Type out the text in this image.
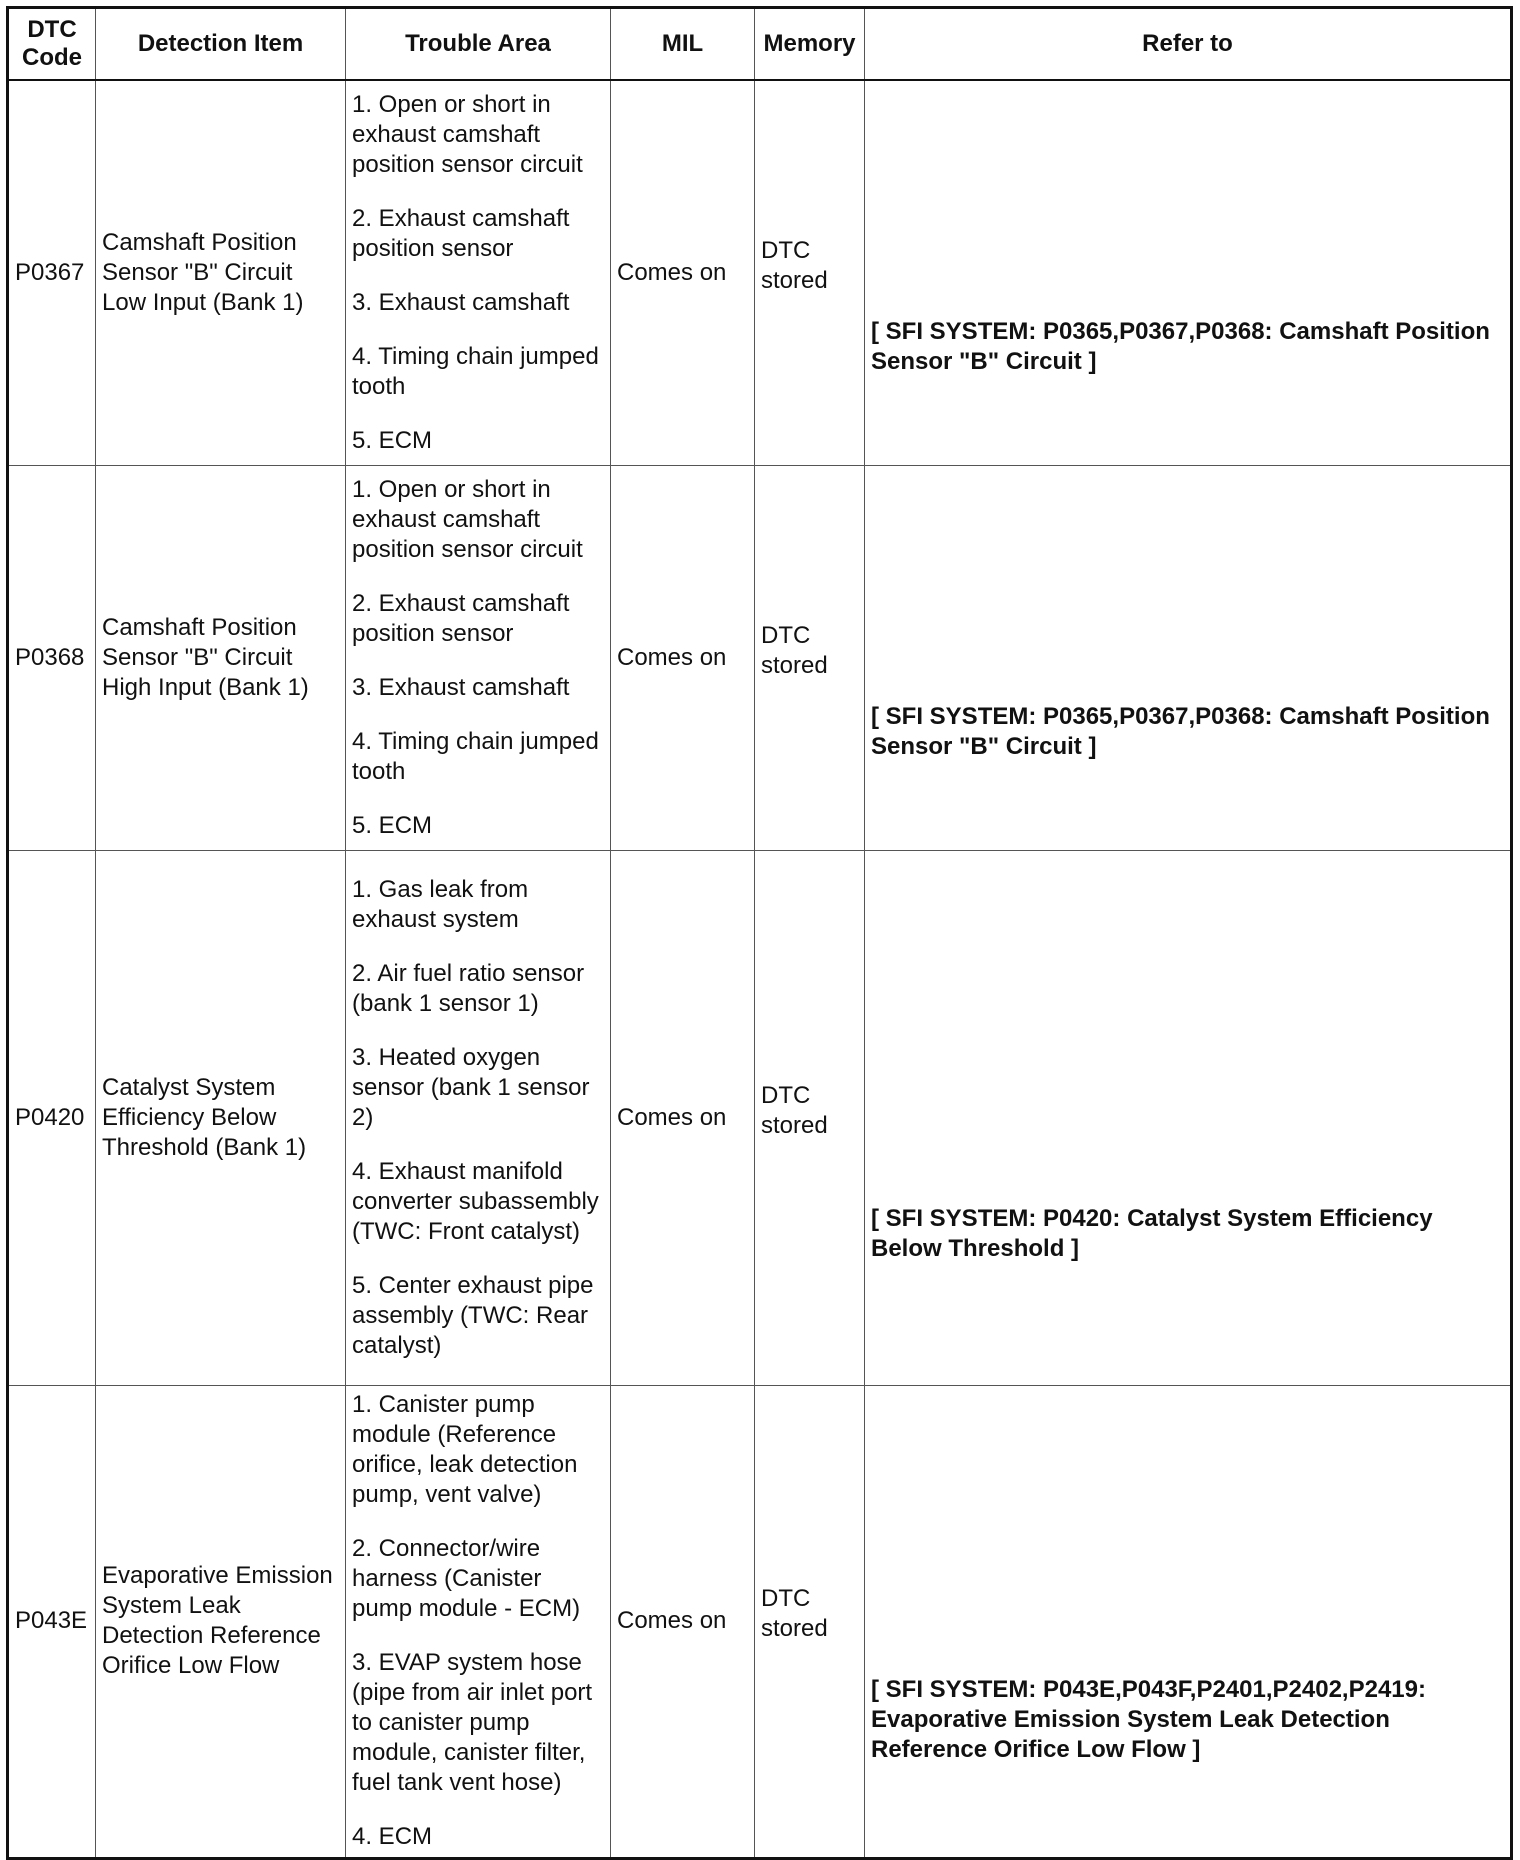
DTC Code	Detection Item	Trouble Area	MIL	Memory	Refer to
P0367	Camshaft Position Sensor "B" Circuit Low Input (Bank 1)	1. Open or short in exhaust camshaft position sensor circuit
2. Exhaust camshaft position sensor
3. Exhaust camshaft
4. Timing chain jumped tooth
5. ECM	Comes on	DTC stored	[ SFI SYSTEM: P0365,P0367,P0368: Camshaft Position Sensor "B" Circuit ]

P0368	Camshaft Position Sensor "B" Circuit High Input (Bank 1)	1. Open or short in exhaust camshaft position sensor circuit
2. Exhaust camshaft position sensor
3. Exhaust camshaft
4. Timing chain jumped tooth
5. ECM	Comes on	DTC stored	[ SFI SYSTEM: P0365,P0367,P0368: Camshaft Position Sensor "B" Circuit ]

P0420	Catalyst System Efficiency Below Threshold (Bank 1)	1. Gas leak from exhaust system
2. Air fuel ratio sensor (bank 1 sensor 1)
3. Heated oxygen sensor (bank 1 sensor 2)
4. Exhaust manifold converter subassembly (TWC: Front catalyst)
5. Center exhaust pipe assembly (TWC: Rear catalyst)	Comes on	DTC stored	[ SFI SYSTEM: P0420: Catalyst System Efficiency Below Threshold ]

P043E	Evaporative Emission System Leak Detection Reference Orifice Low Flow	1. Canister pump module (Reference orifice, leak detection pump, vent valve)
2. Connector/wire harness (Canister pump module - ECM)
3. EVAP system hose (pipe from air inlet port to canister pump module, canister filter, fuel tank vent hose)
4. ECM	Comes on	DTC stored	[ SFI SYSTEM: P043E,P043F,P2401,P2402,P2419: Evaporative Emission System Leak Detection Reference Orifice Low Flow ]
